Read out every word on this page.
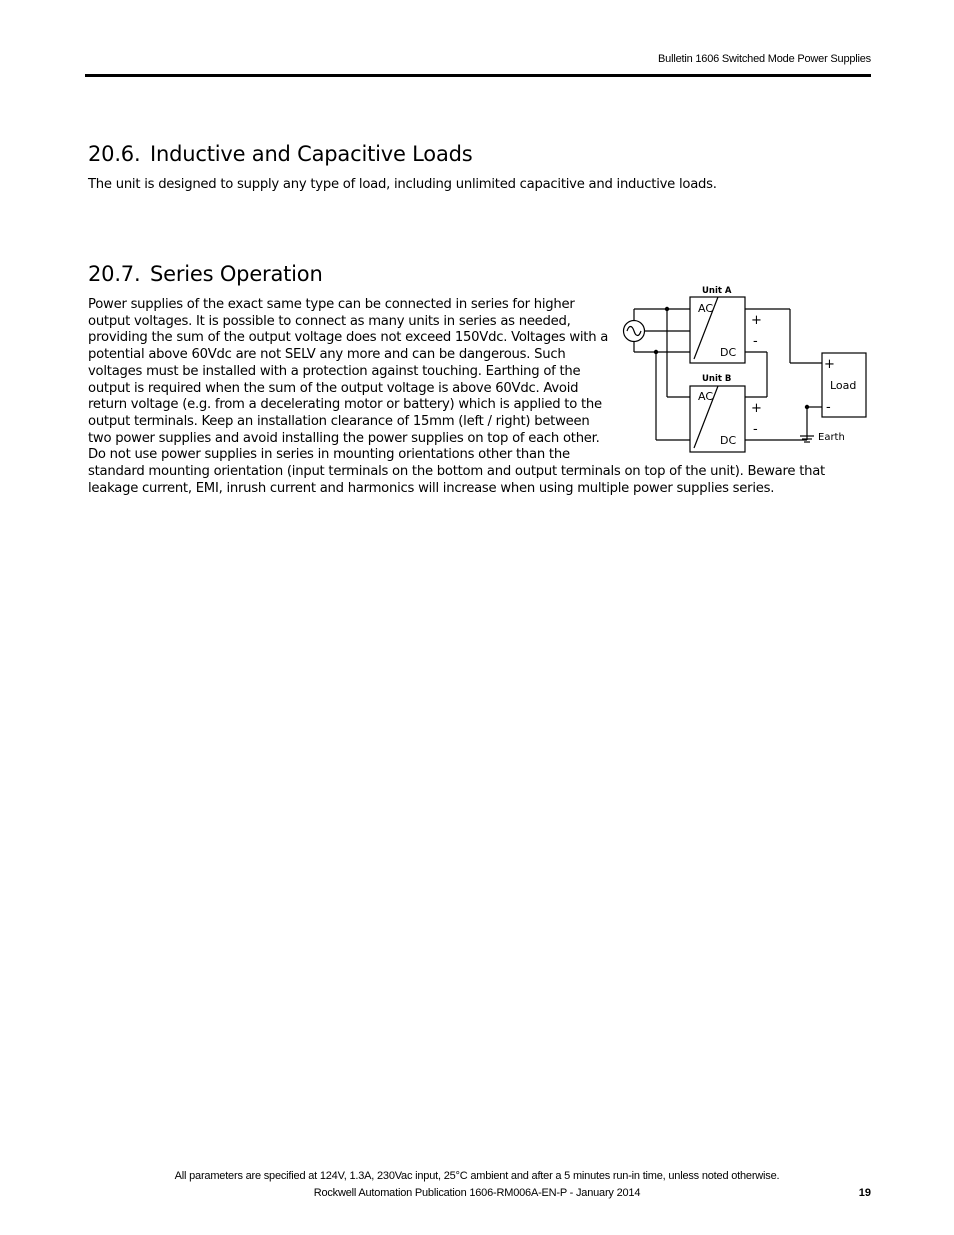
Bulletin 1606 Switched Mode Power Supplies
20.6. Inductive and Capacitive Loads

The unit is designed to supply any type of load, including unlimited capacitive and inductive loads.

20.7. Series Operation
Power supplies of the exact same type can be connected in series for higher output voltages. It is possible to connect as many units in series as needed, providing the sum of the output voltage does not exceed 150Vdc. Voltages with a potential above 60Vdc are not SELV any more and can be dangerous. Such voltages must be installed with a protection against touching. Earthing of the output is required when the sum of the output voltage is above 60Vdc. Avoid return voltage (e.g. from a decelerating motor or battery) which is applied to the output terminals. Keep an installation clearance of 15mm (left / right) between two power supplies and avoid installing the power supplies on top of each other. Do not use power supplies in series in mounting orientations other than the standard mounting orientation (input terminals on the bottom and output terminals on top of the unit). Beware that leakage current, EMI, inrush current and harmonics will increase when using multiple power supplies series.
Unit A
AC
DC
+
-
Unit B
AC
DC
+
-
+
Load
-
Earth
All parameters are specified at 124V, 1.3A, 230Vac input, 25°C ambient and after a 5 minutes run-in time, unless noted otherwise.
Rockwell Automation Publication 1606-RM006A-EN-P - January 2014	19
